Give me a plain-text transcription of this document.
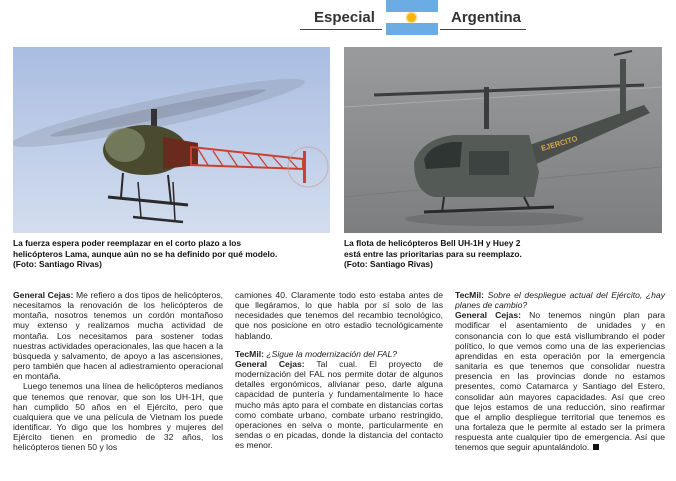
Especial	Argentina
EJERCITO
La fuerza espera poder reemplazar en el corto plazo a los
helicópteros Lama, aunque aún no se ha definido por qué modelo.
(Foto: Santiago Rivas)
La flota de helicópteros Bell UH-1H y Huey 2
está entre las prioritarias para su reemplazo.
(Foto: Santiago Rivas)

General Cejas: Me refiero a dos tipos de helicópteros, necesitamos la renovación de los helicópteros de montaña, nosotros tenemos un cordón montañoso muy extenso y realizamos mucha actividad de montaña. Los necesitamos para sostener todas nuestras actividades operacionales, las que hacen a la búsqueda y salvamento, de apoyo a las ascensiones, pero también que hacen al adiestramiento operacional en montaña.

Luego tenemos una línea de helicópteros medianos que tenemos que renovar, que son los UH-1H, que han cumplido 50 años en el Ejército, pero que cualquiera que ve una película de Vietnam los puede identificar. Yo digo que los hombres y mujeres del Ejército tienen en promedio de 32 años, los helicópteros tienen 50 y los

camiones 40. Claramente todo esto estaba antes de que llegáramos, lo que habla por sí solo de las necesidades que tenemos del recambio tecnológico, que nos posicione en otro estadio tecnológicamente hablando.

TecMil: ¿Sigue la modernización del FAL?
General Cejas: Tal cual. El proyecto de modernización del FAL nos permite dotar de algunos detalles ergonómicos, alivianar peso, darle alguna capacidad de puntería y fundamentalmente lo hace mucho más apto para el combate en distancias cortas como combate urbano, combate urbano restringido, operaciones en selva o monte, particularmente en sendas o en picadas, donde la distancia del contacto es menor.
TecMil: Sobre el despliegue actual del Ejército, ¿hay planes de cambio?
General Cejas: No tenemos ningún plan para modificar el asentamiento de unidades y en consonancia con lo que está visllumbrando el poder político, lo que vemos como una de las experiencias aprendidas en esta operación por la emergencia sanitaria es que tenemos que consolidar nuestra presencia en las provincias donde no estamos presentes, como Catamarca y Santiago del Estero, consolidar aún mayores capacidades. Así que creo que lejos estamos de una reducción, sino reafirmar que el amplio despliegue territorial que tenemos es una fortaleza que le permite al estado ser la primera respuesta ante cualquier tipo de emergencia. Así que tenemos que seguir apuntalándolo.
